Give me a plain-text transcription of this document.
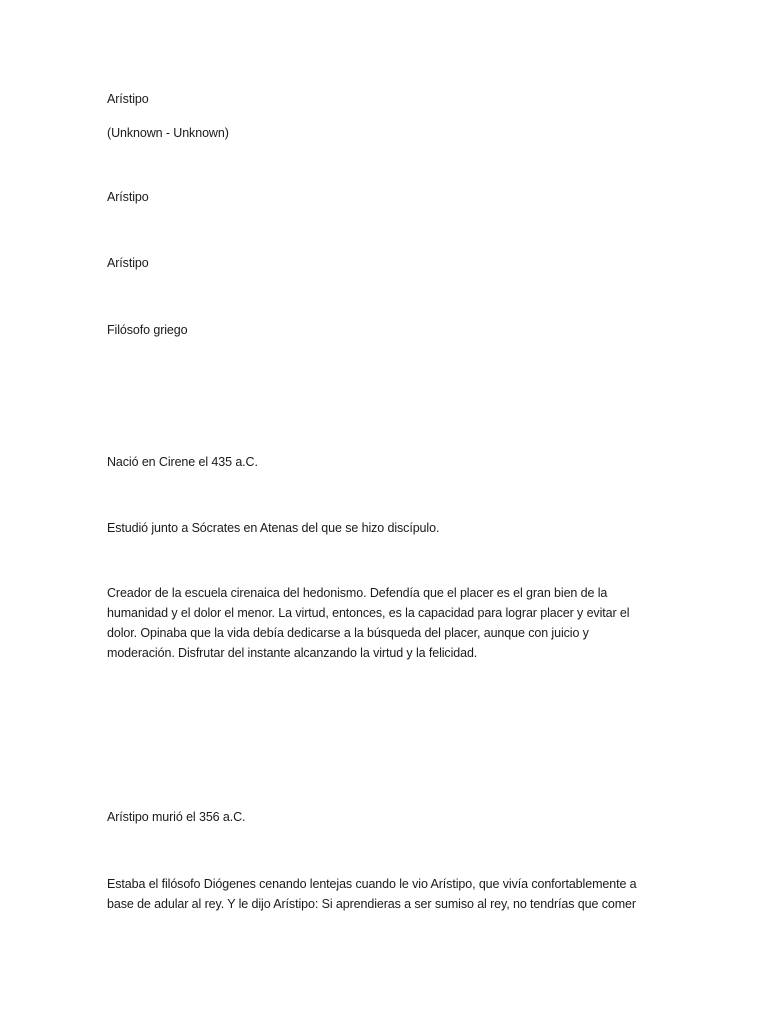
Arístipo
(Unknown - Unknown)
Arístipo
Arístipo
Filósofo griego
Nació en Cirene el 435 a.C.
Estudió junto a Sócrates en Atenas del que se hizo discípulo.
Creador de la escuela cirenaica del hedonismo. Defendía que el placer es el gran bien de la humanidad y el dolor el menor. La virtud, entonces, es la capacidad para lograr placer y evitar el dolor. Opinaba que la vida debía dedicarse a la búsqueda del placer, aunque con juicio y moderación. Disfrutar del instante alcanzando la virtud y la felicidad.
Arístipo murió el 356 a.C.
Estaba el filósofo Diógenes cenando lentejas cuando le vio Arístipo, que vivía confortablemente a base de adular al rey. Y le dijo Arístipo: Si aprendieras a ser sumiso al rey, no tendrías que comer
